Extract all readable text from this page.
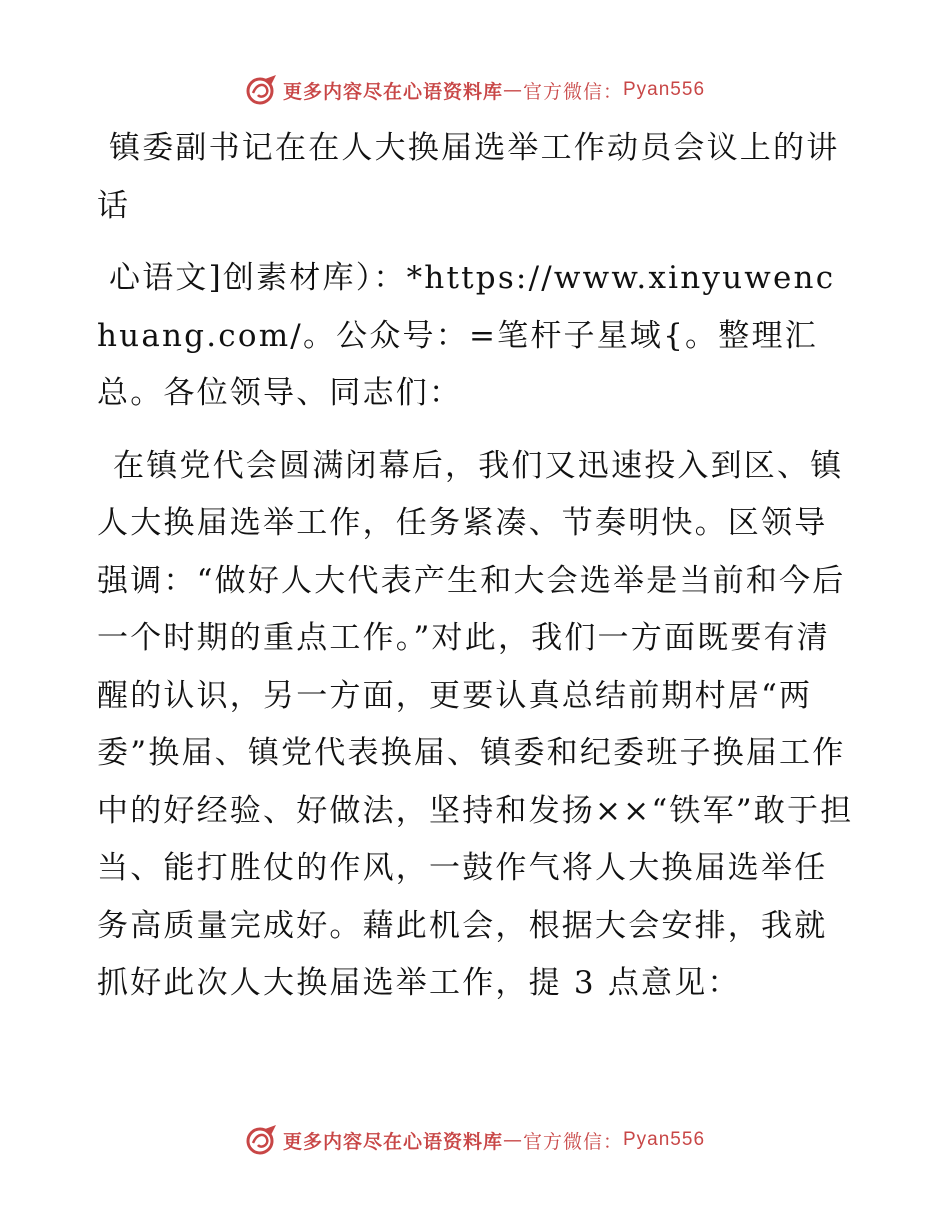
更多内容尽在心语资料库 — 官方微信： Pyan556

镇委副书记在在人大换届选举工作动员会议上的讲话

心语文]创素材库）：*https://www.xinyuwenchuang.com/。公众号：=笔杆子星域{。整理汇总。各位领导、同志们：

在镇党代会圆满闭幕后，我们又迅速投入到区、镇人大换届选举工作，任务紧凑、节奏明快。区领导强调：“做好人大代表产生和大会选举是当前和今后一个时期的重点工作。”对此，我们一方面既要有清醒的认识，另一方面，更要认真总结前期村居“两委”换届、镇党代表换届、镇委和纪委班子换届工作中的好经验、好做法，坚持和发扬××“铁军”敢于担当、能打胜仗的作风，一鼓作气将人大换届选举任务高质量完成好。藉此机会，根据大会安排，我就抓好此次人大换届选举工作，提 3 点意见：

更多内容尽在心语资料库 — 官方微信： Pyan556
